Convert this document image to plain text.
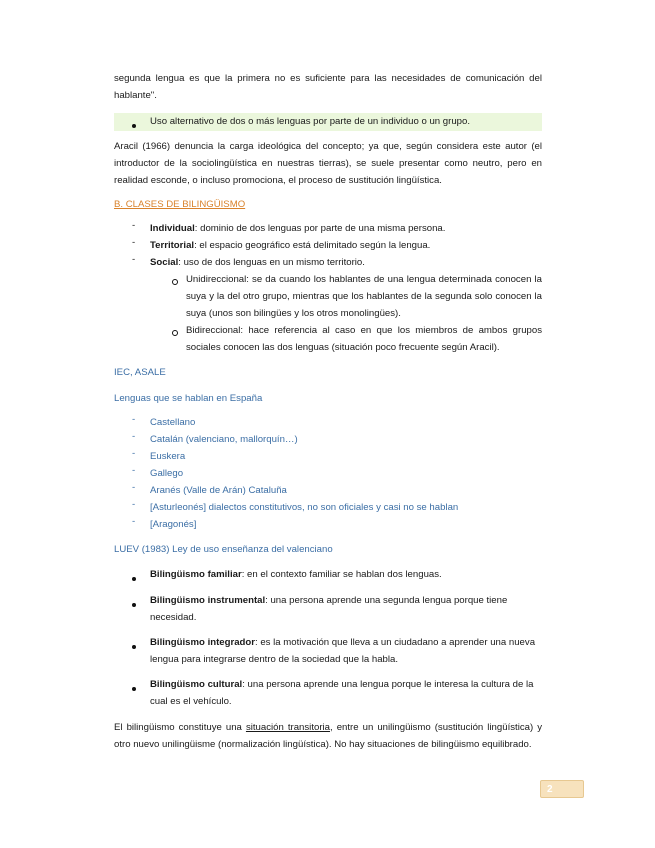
segunda lengua es que la primera no es suficiente para las necesidades de comunicación del hablante".

Uso alternativo de dos o más lenguas por parte de un individuo o un grupo.

Aracil (1966) denuncia la carga ideológica del concepto; ya que, según considera este autor (el introductor de la sociolingüística en nuestras tierras), se suele presentar como neutro, pero en realidad esconde, o incluso promociona, el proceso de sustitución lingüística.

B. CLASES DE BILINGÜISMO

- Individual: dominio de dos lenguas por parte de una misma persona.
- Territorial: el espacio geográfico está delimitado según la lengua.
- Social: uso de dos lenguas en un mismo territorio.
Unidireccional: se da cuando los hablantes de una lengua determinada conocen la suya y la del otro grupo, mientras que los hablantes de la segunda solo conocen la suya (unos son bilingües y los otros monolingües).
Bidireccional: hace referencia al caso en que los miembros de ambos grupos sociales conocen las dos lenguas (situación poco frecuente según Aracil).

IEC, ASALE

Lenguas que se hablan en España

- Castellano
- Catalán (valenciano, mallorquín…)
- Euskera
- Gallego
- Aranés (Valle de Arán) Cataluña
- [Asturleonés] dialectos constitutivos, no son oficiales y casi no se hablan
- [Aragonés]

LUEV (1983) Ley de uso enseñanza del valenciano

Bilingüismo familiar: en el contexto familiar se hablan dos lenguas.
Bilingüismo instrumental: una persona aprende una segunda lengua porque tiene necesidad.
Bilingüismo integrador: es la motivación que lleva a un ciudadano a aprender una nueva lengua para integrarse dentro de la sociedad que la habla.
Bilingüismo cultural: una persona aprende una lengua porque le interesa la cultura de la cual es el vehículo.

El bilingüismo constituye una situación transitoria, entre un unilingüismo (sustitución lingüística) y otro nuevo unilingüisme (normalización lingüística). No hay situaciones de bilingüismo equilibrado.

2
